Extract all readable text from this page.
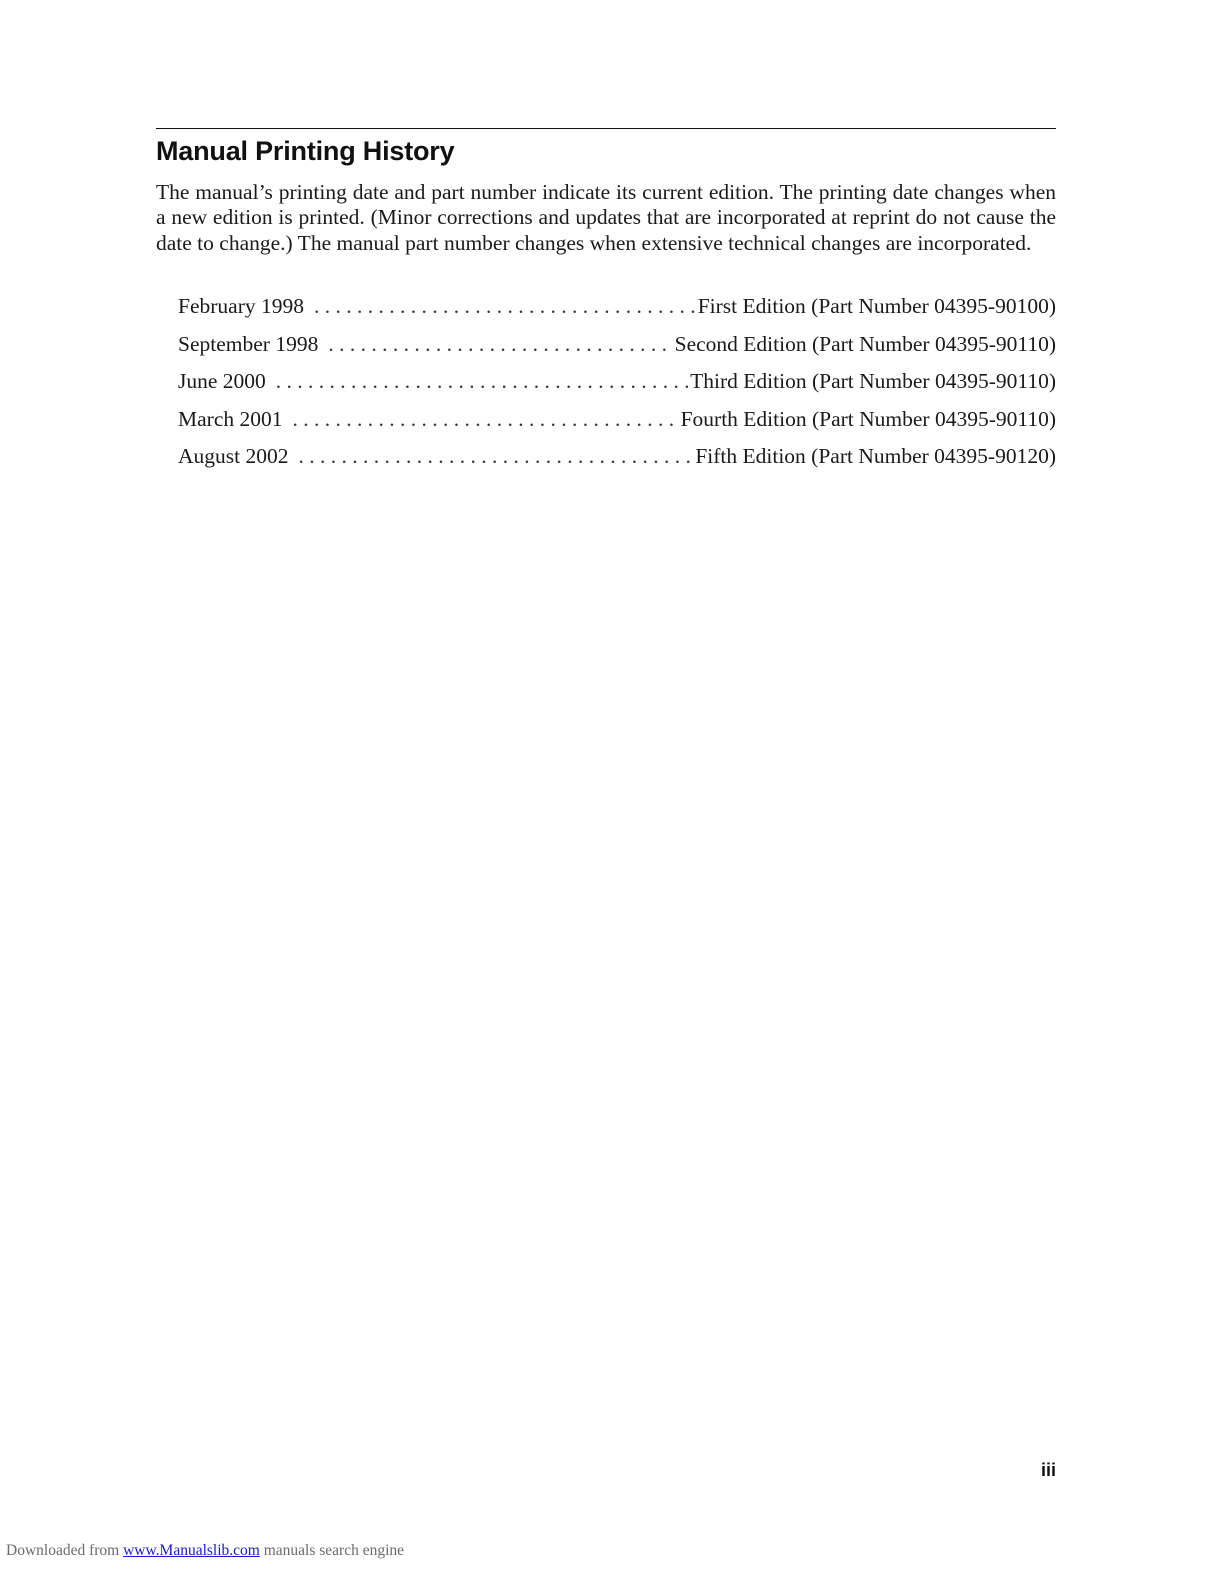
Manual Printing History

The manual’s printing date and part number indicate its current edition. The printing date changes when a new edition is printed. (Minor corrections and updates that are incorporated at reprint do not cause the date to change.) The manual part number changes when extensive technical changes are incorporated.

February 1998 . . .	First Edition (Part Number 04395-90100)
September 1998 . . .	Second Edition (Part Number 04395-90110)
June 2000 . . .	Third Edition (Part Number 04395-90110)
March 2001 . . .	Fourth Edition (Part Number 04395-90110)
August 2002 . . .	Fifth Edition (Part Number 04395-90120)

iii

Downloaded from www.Manualslib.com manuals search engine
